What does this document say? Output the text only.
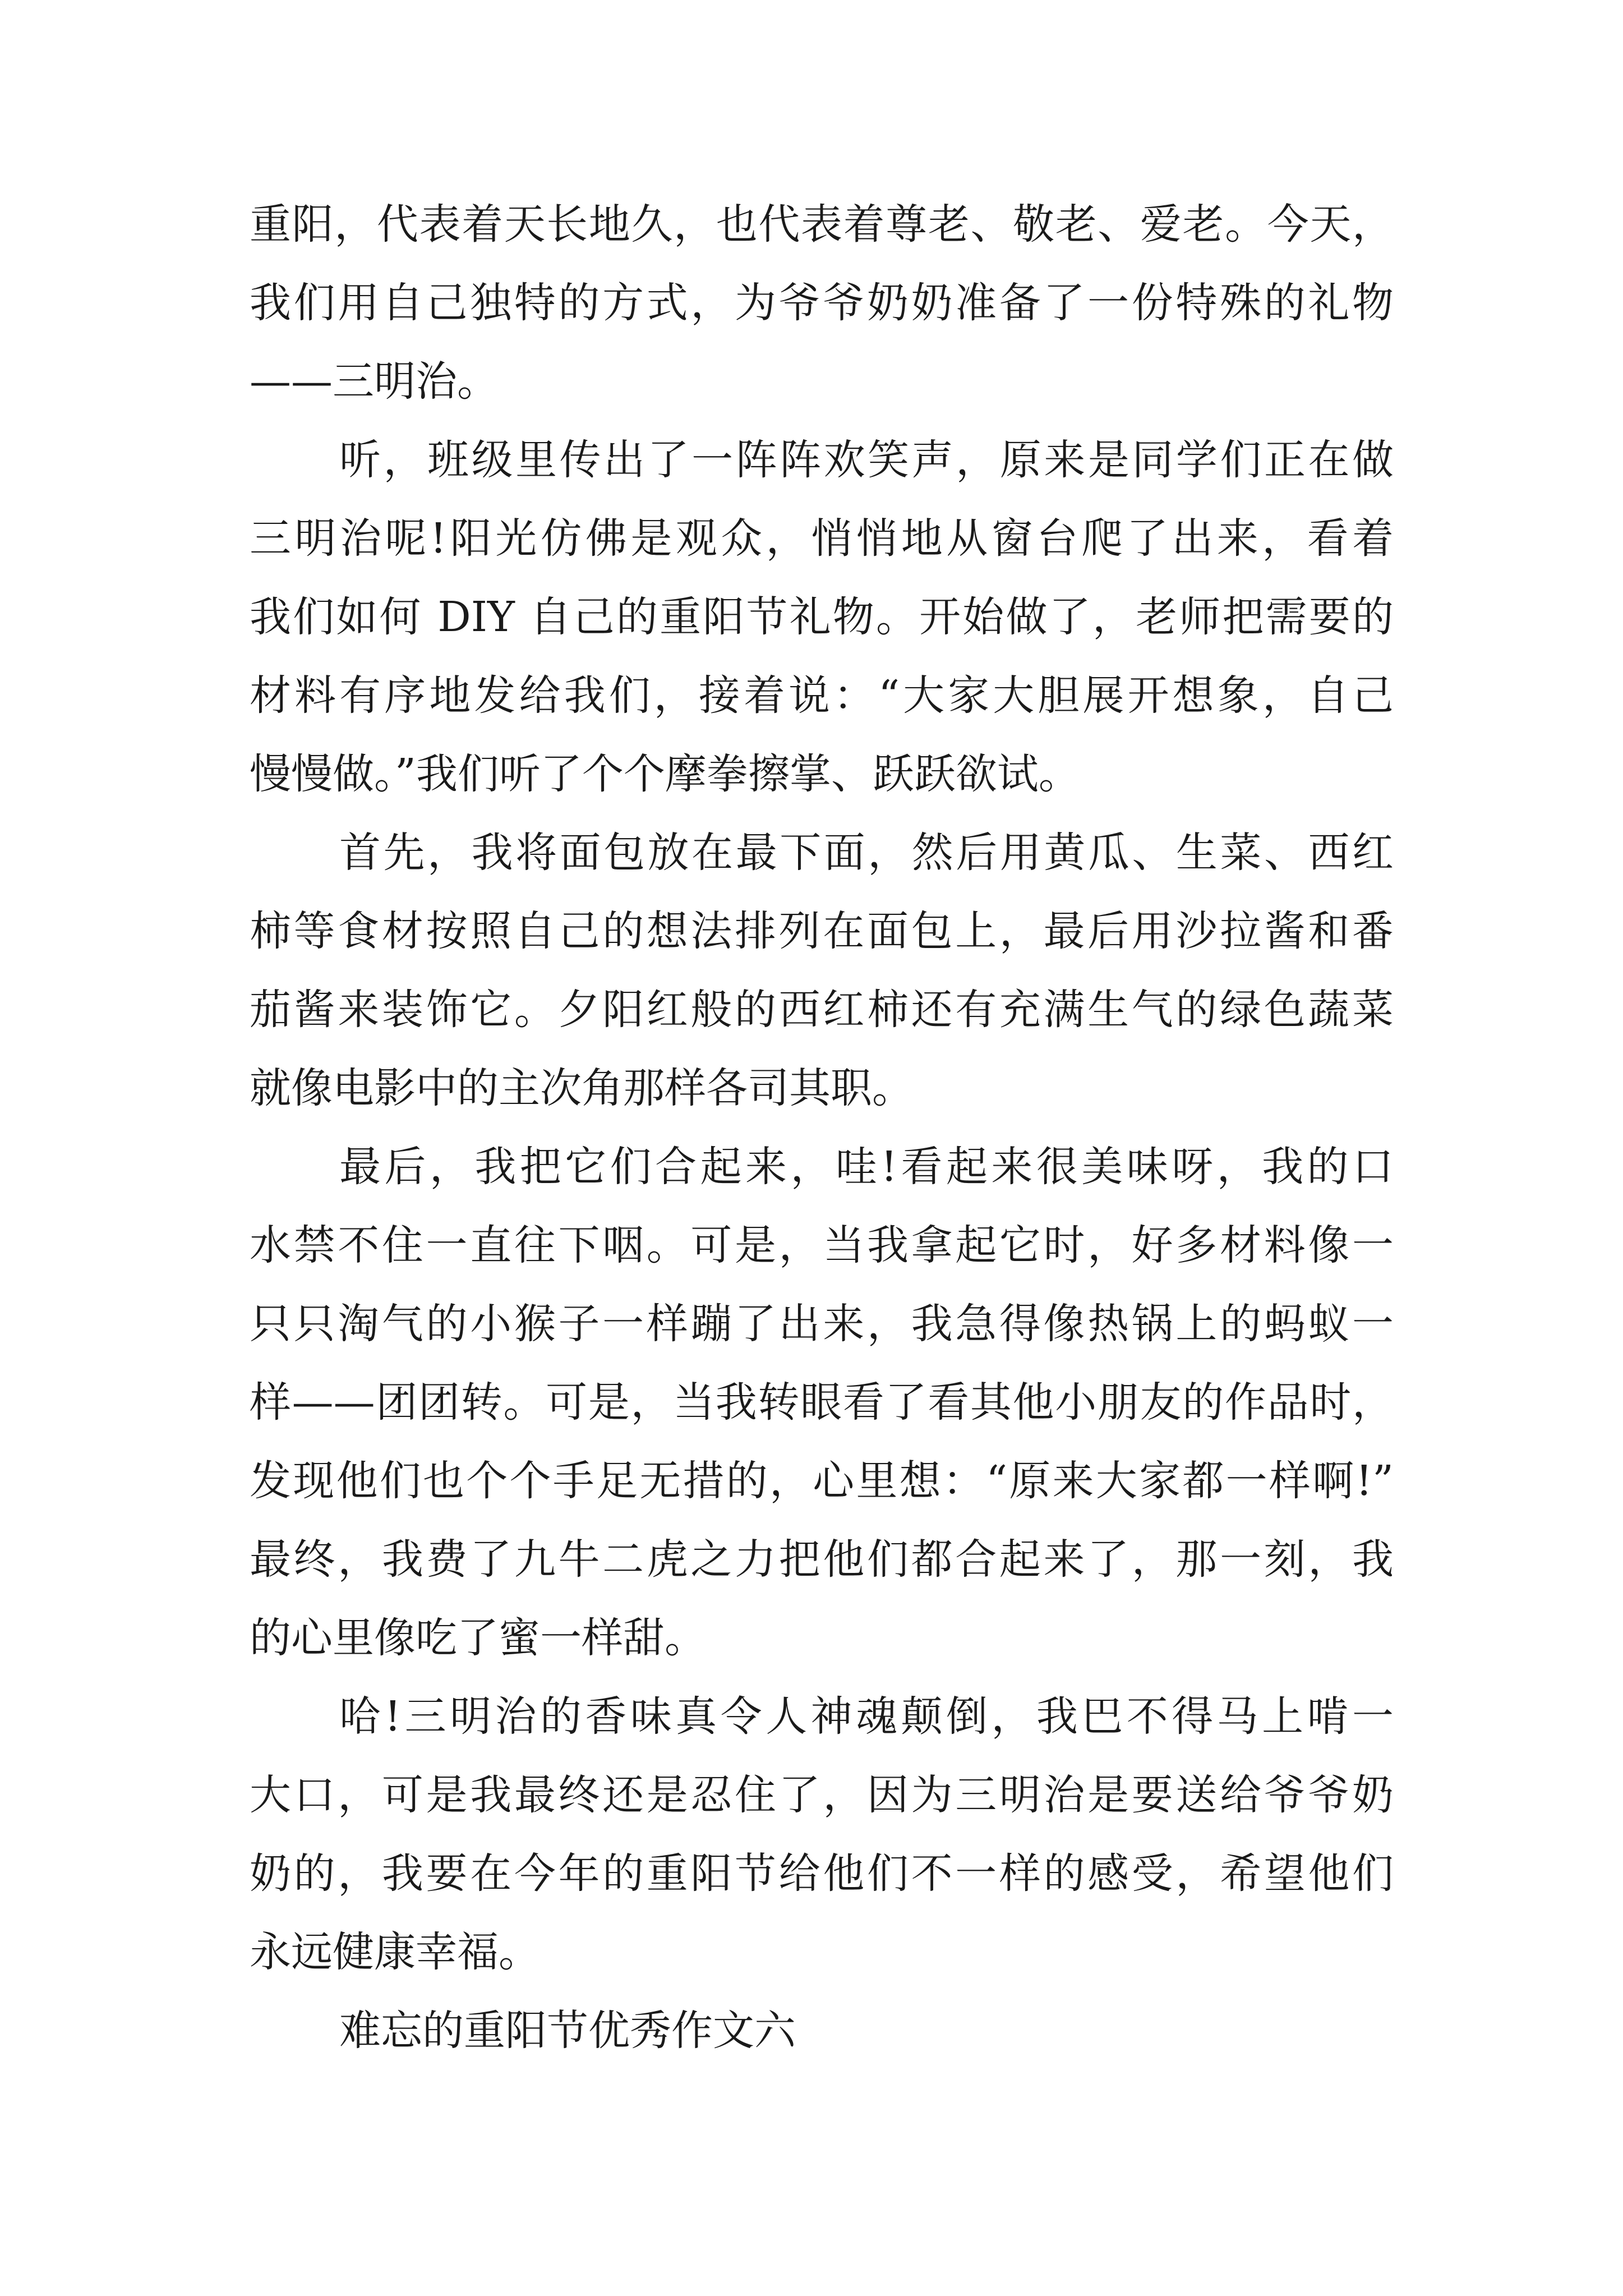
重阳，代表着天长地久，也代表着尊老、敬老、爱老。今天，
我们用自己独特的方式，为爷爷奶奶准备了一份特殊的礼物
——三明治。
听，班级里传出了一阵阵欢笑声，原来是同学们正在做
三明治呢!阳光仿佛是观众，悄悄地从窗台爬了出来，看着
我们如何 DIY 自己的重阳节礼物。开始做了，老师把需要的
材料有序地发给我们，接着说：“大家大胆展开想象，自己
慢慢做。”我们听了个个摩拳擦掌、跃跃欲试。
首先，我将面包放在最下面，然后用黄瓜、生菜、西红
柿等食材按照自己的想法排列在面包上，最后用沙拉酱和番
茄酱来装饰它。夕阳红般的西红柿还有充满生气的绿色蔬菜
就像电影中的主次角那样各司其职。
最后，我把它们合起来，哇!看起来很美味呀，我的口
水禁不住一直往下咽。可是，当我拿起它时，好多材料像一
只只淘气的小猴子一样蹦了出来，我急得像热锅上的蚂蚁一
样——团团转。可是，当我转眼看了看其他小朋友的作品时，
发现他们也个个手足无措的，心里想：“原来大家都一样啊!”
最终，我费了九牛二虎之力把他们都合起来了，那一刻，我
的心里像吃了蜜一样甜。
哈!三明治的香味真令人神魂颠倒，我巴不得马上啃一
大口，可是我最终还是忍住了，因为三明治是要送给爷爷奶
奶的，我要在今年的重阳节给他们不一样的感受，希望他们
永远健康幸福。
难忘的重阳节优秀作文六
